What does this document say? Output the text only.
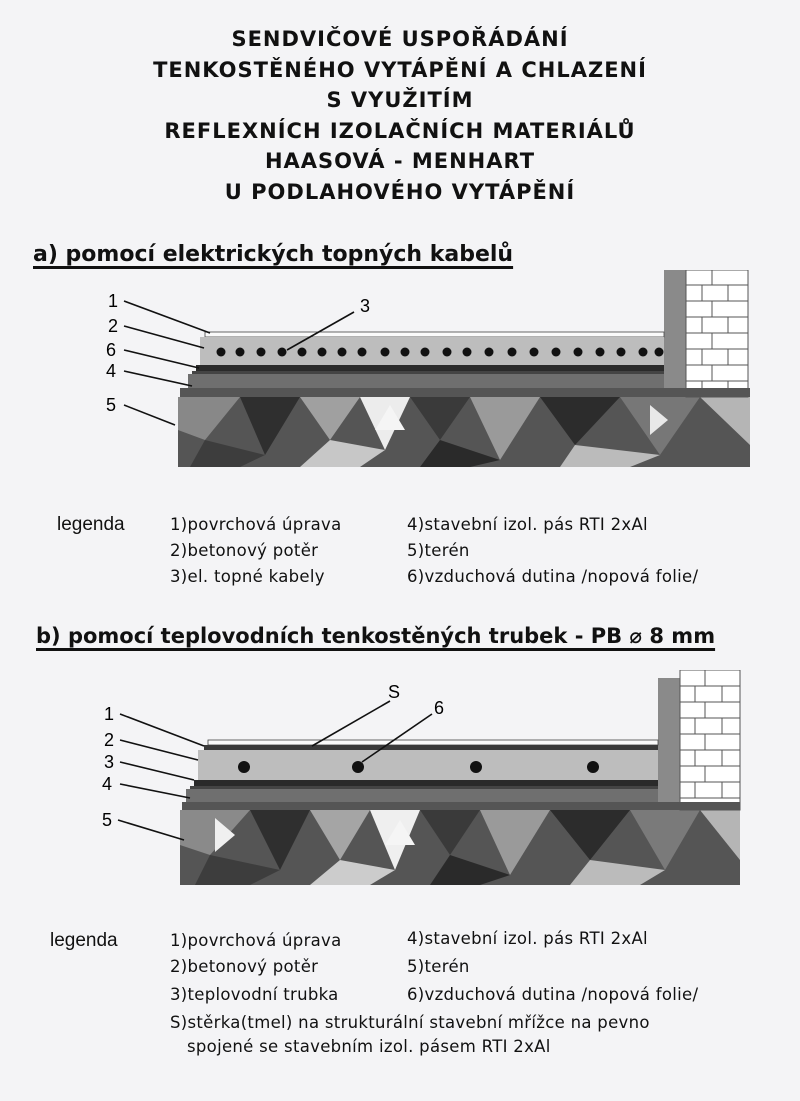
SENDVIČOVÉ USPOŘÁDÁNÍ
TENKOSTĚNÉHO VYTÁPĚNÍ A CHLAZENÍ
S VYUŽITÍM
REFLEXNÍCH IZOLAČNÍCH MATERIÁLŮ
HAASOVÁ - MENHART
U PODLAHOVÉHO VYTÁPĚNÍ
a) pomocí elektrických topných kabelů
1
2
6
4
5
3
legenda	1)povrchová úprava	4)stavební izol. pás RTI 2xAl
2)betonový potěr	5)terén
3)el. topné kabely	6)vzduchová dutina /nopová folie/
b) pomocí teplovodních tenkostěných trubek - PB ⌀ 8 mm
1
2
3
4
5
S
6
legenda	1)povrchová úprava	4)stavební izol. pás RTI 2xAl
2)betonový potěr	5)terén
3)teplovodní trubka	6)vzduchová dutina /nopová folie/
S)stěrka(tmel) na strukturální stavební mřížce na pevno
spojené se stavebním izol. pásem RTI 2xAl
